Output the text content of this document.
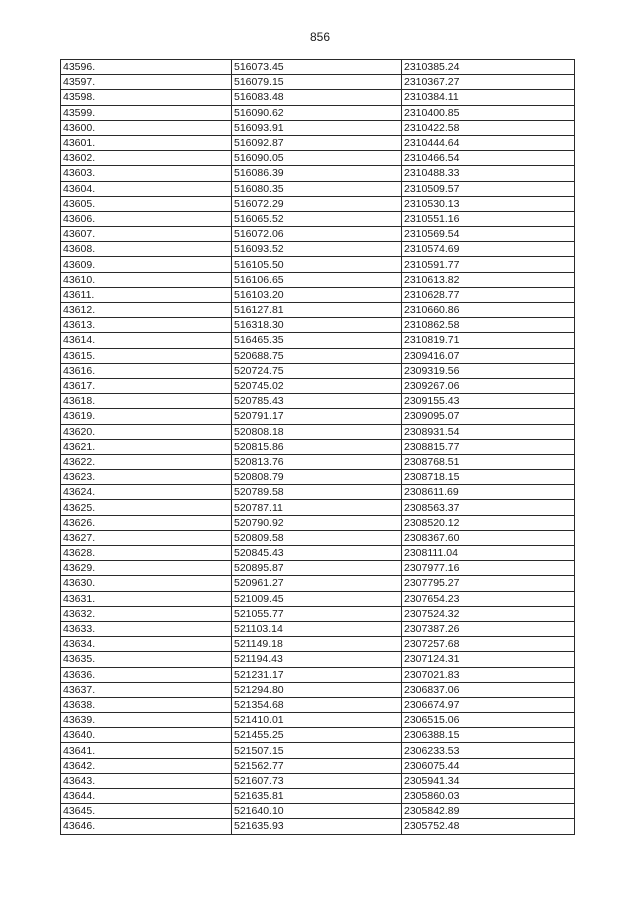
856
43596.	516073.45	2310385.24
43597.	516079.15	2310367.27
43598.	516083.48	2310384.11
43599.	516090.62	2310400.85
43600.	516093.91	2310422.58
43601.	516092.87	2310444.64
43602.	516090.05	2310466.54
43603.	516086.39	2310488.33
43604.	516080.35	2310509.57
43605.	516072.29	2310530.13
43606.	516065.52	2310551.16
43607.	516072.06	2310569.54
43608.	516093.52	2310574.69
43609.	516105.50	2310591.77
43610.	516106.65	2310613.82
43611.	516103.20	2310628.77
43612.	516127.81	2310660.86
43613.	516318.30	2310862.58
43614.	516465.35	2310819.71
43615.	520688.75	2309416.07
43616.	520724.75	2309319.56
43617.	520745.02	2309267.06
43618.	520785.43	2309155.43
43619.	520791.17	2309095.07
43620.	520808.18	2308931.54
43621.	520815.86	2308815.77
43622.	520813.76	2308768.51
43623.	520808.79	2308718.15
43624.	520789.58	2308611.69
43625.	520787.11	2308563.37
43626.	520790.92	2308520.12
43627.	520809.58	2308367.60
43628.	520845.43	2308111.04
43629.	520895.87	2307977.16
43630.	520961.27	2307795.27
43631.	521009.45	2307654.23
43632.	521055.77	2307524.32
43633.	521103.14	2307387.26
43634.	521149.18	2307257.68
43635.	521194.43	2307124.31
43636.	521231.17	2307021.83
43637.	521294.80	2306837.06
43638.	521354.68	2306674.97
43639.	521410.01	2306515.06
43640.	521455.25	2306388.15
43641.	521507.15	2306233.53
43642.	521562.77	2306075.44
43643.	521607.73	2305941.34
43644.	521635.81	2305860.03
43645.	521640.10	2305842.89
43646.	521635.93	2305752.48
